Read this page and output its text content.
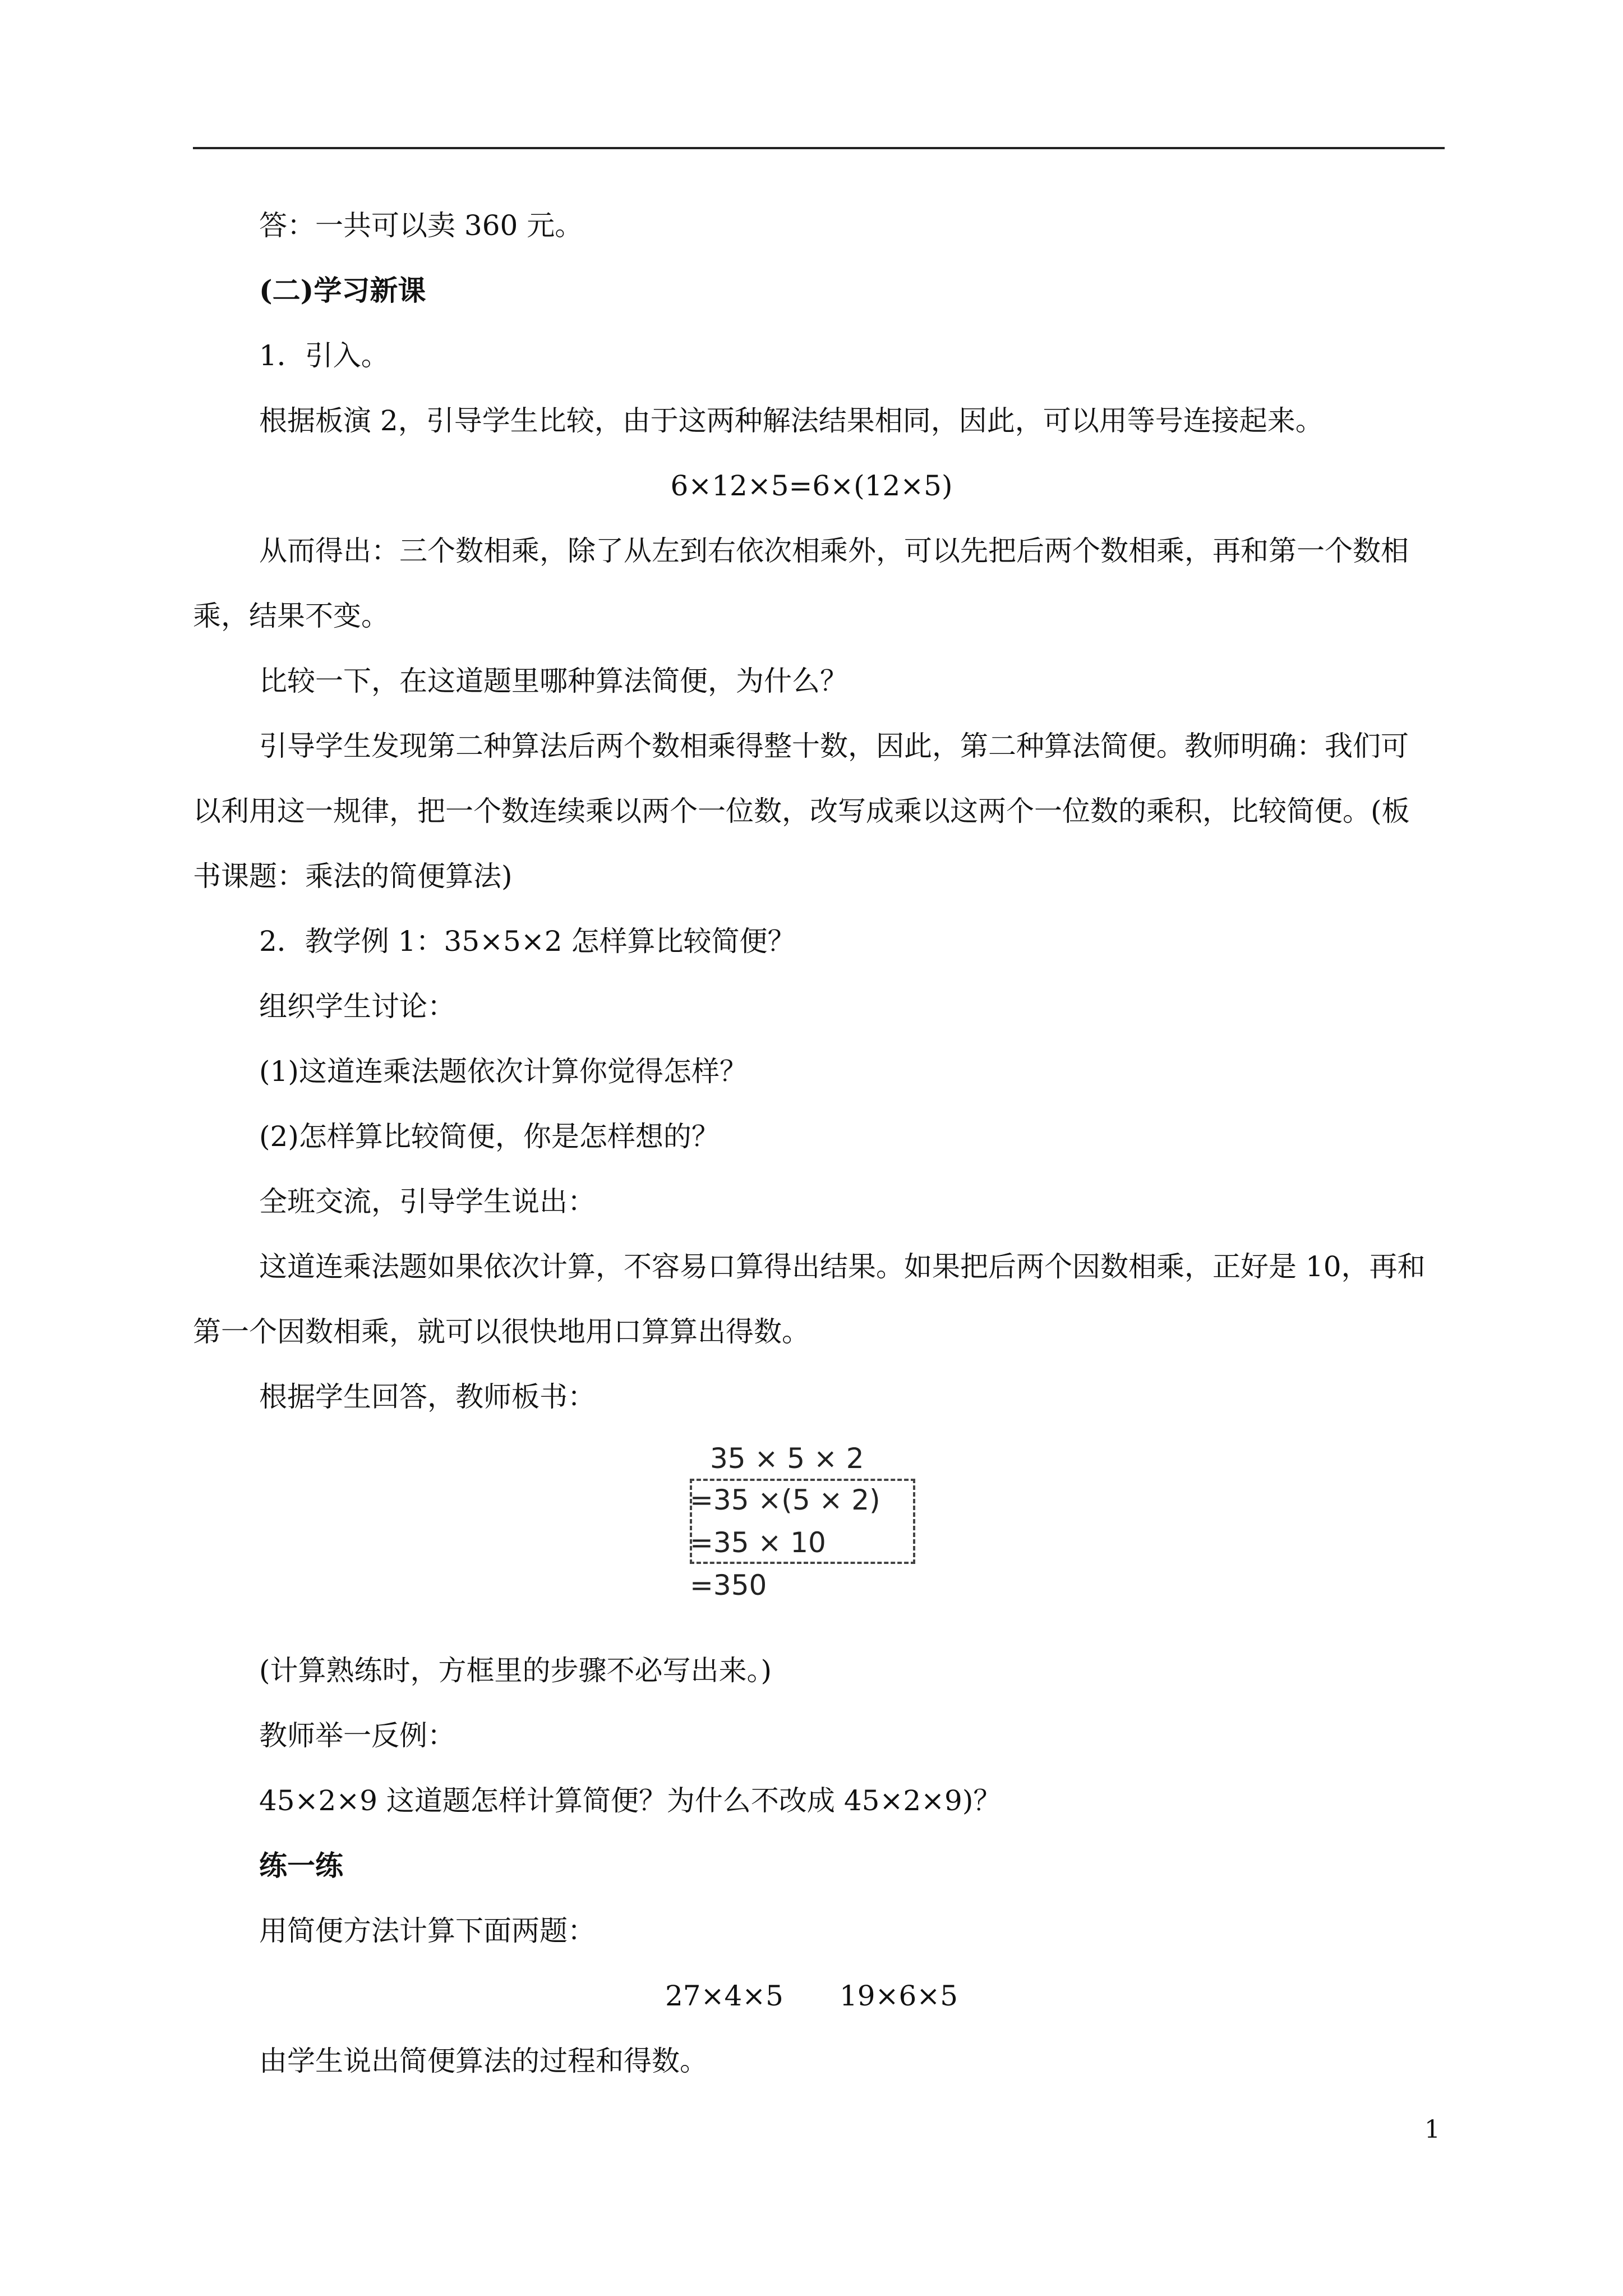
答：一共可以卖 360 元。
(二)学习新课
1．引入。
根据板演 2，引导学生比较，由于这两种解法结果相同，因此，可以用等号连接起来。
6×12×5=6×(12×5)
从而得出：三个数相乘，除了从左到右依次相乘外，可以先把后两个数相乘，再和第一个数相
乘，结果不变。
比较一下，在这道题里哪种算法简便，为什么？
引导学生发现第二种算法后两个数相乘得整十数，因此，第二种算法简便。教师明确：我们可
以利用这一规律，把一个数连续乘以两个一位数，改写成乘以这两个一位数的乘积，比较简便。(板
书课题：乘法的简便算法)
2．教学例 1：35×5×2 怎样算比较简便？
组织学生讨论：
(1)这道连乘法题依次计算你觉得怎样？
(2)怎样算比较简便，你是怎样想的？
全班交流，引导学生说出：
这道连乘法题如果依次计算，不容易口算得出结果。如果把后两个因数相乘，正好是 10，再和
第一个因数相乘，就可以很快地用口算算出得数。
根据学生回答，教师板书：
35 × 5 × 2
=35 ×(5 × 2)
=35 × 10
=350
(计算熟练时，方框里的步骤不必写出来。)
教师举一反例：
45×2×9 这道题怎样计算简便？为什么不改成 45×2×9)？
练一练
用简便方法计算下面两题：
27×4×5　　19×6×5
由学生说出简便算法的过程和得数。
1
